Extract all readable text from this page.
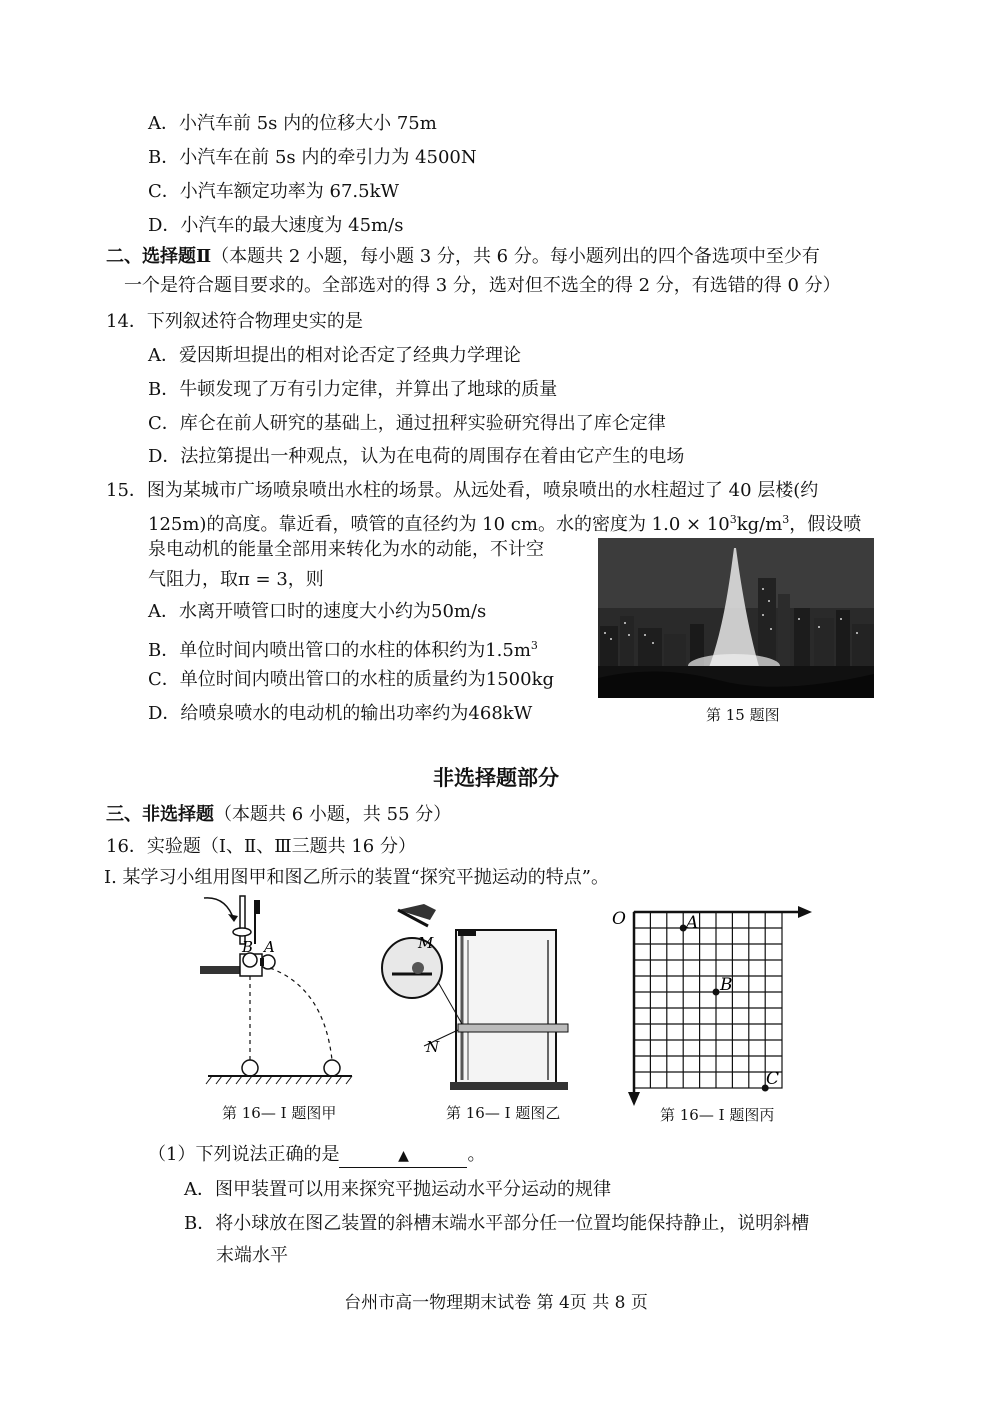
A．小汽车前 5s 内的位移大小 75m
B．小汽车在前 5s 内的牵引力为 4500N
C．小汽车额定功率为 67.5kW
D．小汽车的最大速度为 45m/s
二、选择题Ⅱ（本题共 2 小题，每小题 3 分，共 6 分。每小题列出的四个备选项中至少有
一个是符合题目要求的。全部选对的得 3 分，选对但不选全的得 2 分，有选错的得 0 分）
14．下列叙述符合物理史实的是
A．爱因斯坦提出的相对论否定了经典力学理论
B．牛顿发现了万有引力定律，并算出了地球的质量
C．库仑在前人研究的基础上，通过扭秤实验研究得出了库仑定律
D．法拉第提出一种观点，认为在电荷的周围存在着由它产生的电场
15．图为某城市广场喷泉喷出水柱的场景。从远处看，喷泉喷出的水柱超过了 40 层楼(约
125m)的高度。靠近看，喷管的直径约为 10 cm。水的密度为 $1.0 \times 10^3kg/m^3$，假设喷
泉电动机的能量全部用来转化为水的动能，不计空
气阻力，取π = 3，则
A．水离开喷管口时的速度大小约为50m/s
B．单位时间内喷出管口的水柱的体积约为$1.5m^3$
C．单位时间内喷出管口的水柱的质量约为1500kg
D．给喷泉喷水的电动机的输出功率约为468kW	第 15 题图
非选择题部分
三、非选择题（本题共 6 小题，共 55 分）
16．实验题（Ⅰ、Ⅱ、Ⅲ三题共 16 分）
Ⅰ. 某学习小组用图甲和图乙所示的装置“探究平抛运动的特点”。
B A
第 16— Ⅰ 题图甲
M
N
第 16— Ⅰ 题图乙
O	A
B
C
第 16— Ⅰ 题图丙
（1）下列说法正确的是	▲	。
A．图甲装置可以用来探究平抛运动水平分运动的规律
B．将小球放在图乙装置的斜槽末端水平部分任一位置均能保持静止，说明斜槽
末端水平
台州市高一物理期末试卷 第 4页 共 8 页
